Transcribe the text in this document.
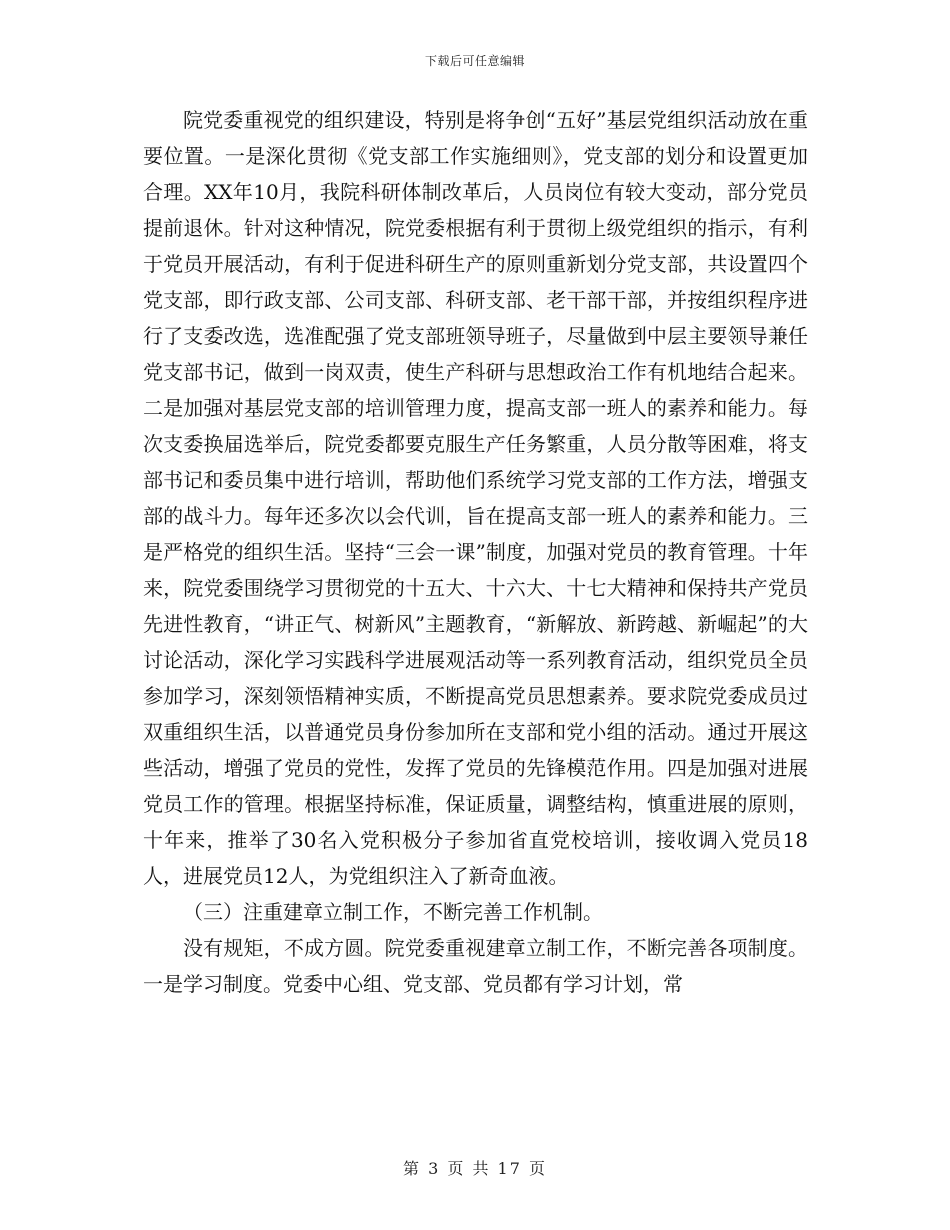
下载后可任意编辑

院党委重视党的组织建设，特别是将争创“五好”基层党组织活动放在重要位置。一是深化贯彻《党支部工作实施细则》，党支部的划分和设置更加合理。XX年10月，我院科研体制改革后，人员岗位有较大变动，部分党员提前退休。针对这种情况，院党委根据有利于贯彻上级党组织的指示，有利于党员开展活动，有利于促进科研生产的原则重新划分党支部，共设置四个党支部，即行政支部、公司支部、科研支部、老干部干部，并按组织程序进行了支委改选，选准配强了党支部班领导班子，尽量做到中层主要领导兼任党支部书记，做到一岗双责，使生产科研与思想政治工作有机地结合起来。二是加强对基层党支部的培训管理力度，提高支部一班人的素养和能力。每次支委换届选举后，院党委都要克服生产任务繁重，人员分散等困难，将支部书记和委员集中进行培训，帮助他们系统学习党支部的工作方法，增强支部的战斗力。每年还多次以会代训，旨在提高支部一班人的素养和能力。三是严格党的组织生活。坚持“三会一课”制度，加强对党员的教育管理。十年来，院党委围绕学习贯彻党的十五大、十六大、十七大精神和保持共产党员先进性教育，“讲正气、树新风”主题教育，“新解放、新跨越、新崛起”的大讨论活动，深化学习实践科学进展观活动等一系列教育活动，组织党员全员参加学习，深刻领悟精神实质，不断提高党员思想素养。要求院党委成员过双重组织生活，以普通党员身份参加所在支部和党小组的活动。通过开展这些活动，增强了党员的党性，发挥了党员的先锋模范作用。四是加强对进展党员工作的管理。根据坚持标准，保证质量，调整结构，慎重进展的原则，十年来，推举了30名入党积极分子参加省直党校培训，接收调入党员18人，进展党员12人，为党组织注入了新奇血液。

（三）注重建章立制工作，不断完善工作机制。

没有规矩，不成方圆。院党委重视建章立制工作，不断完善各项制度。一是学习制度。党委中心组、党支部、党员都有学习计划，常

第 3 页 共 17 页
